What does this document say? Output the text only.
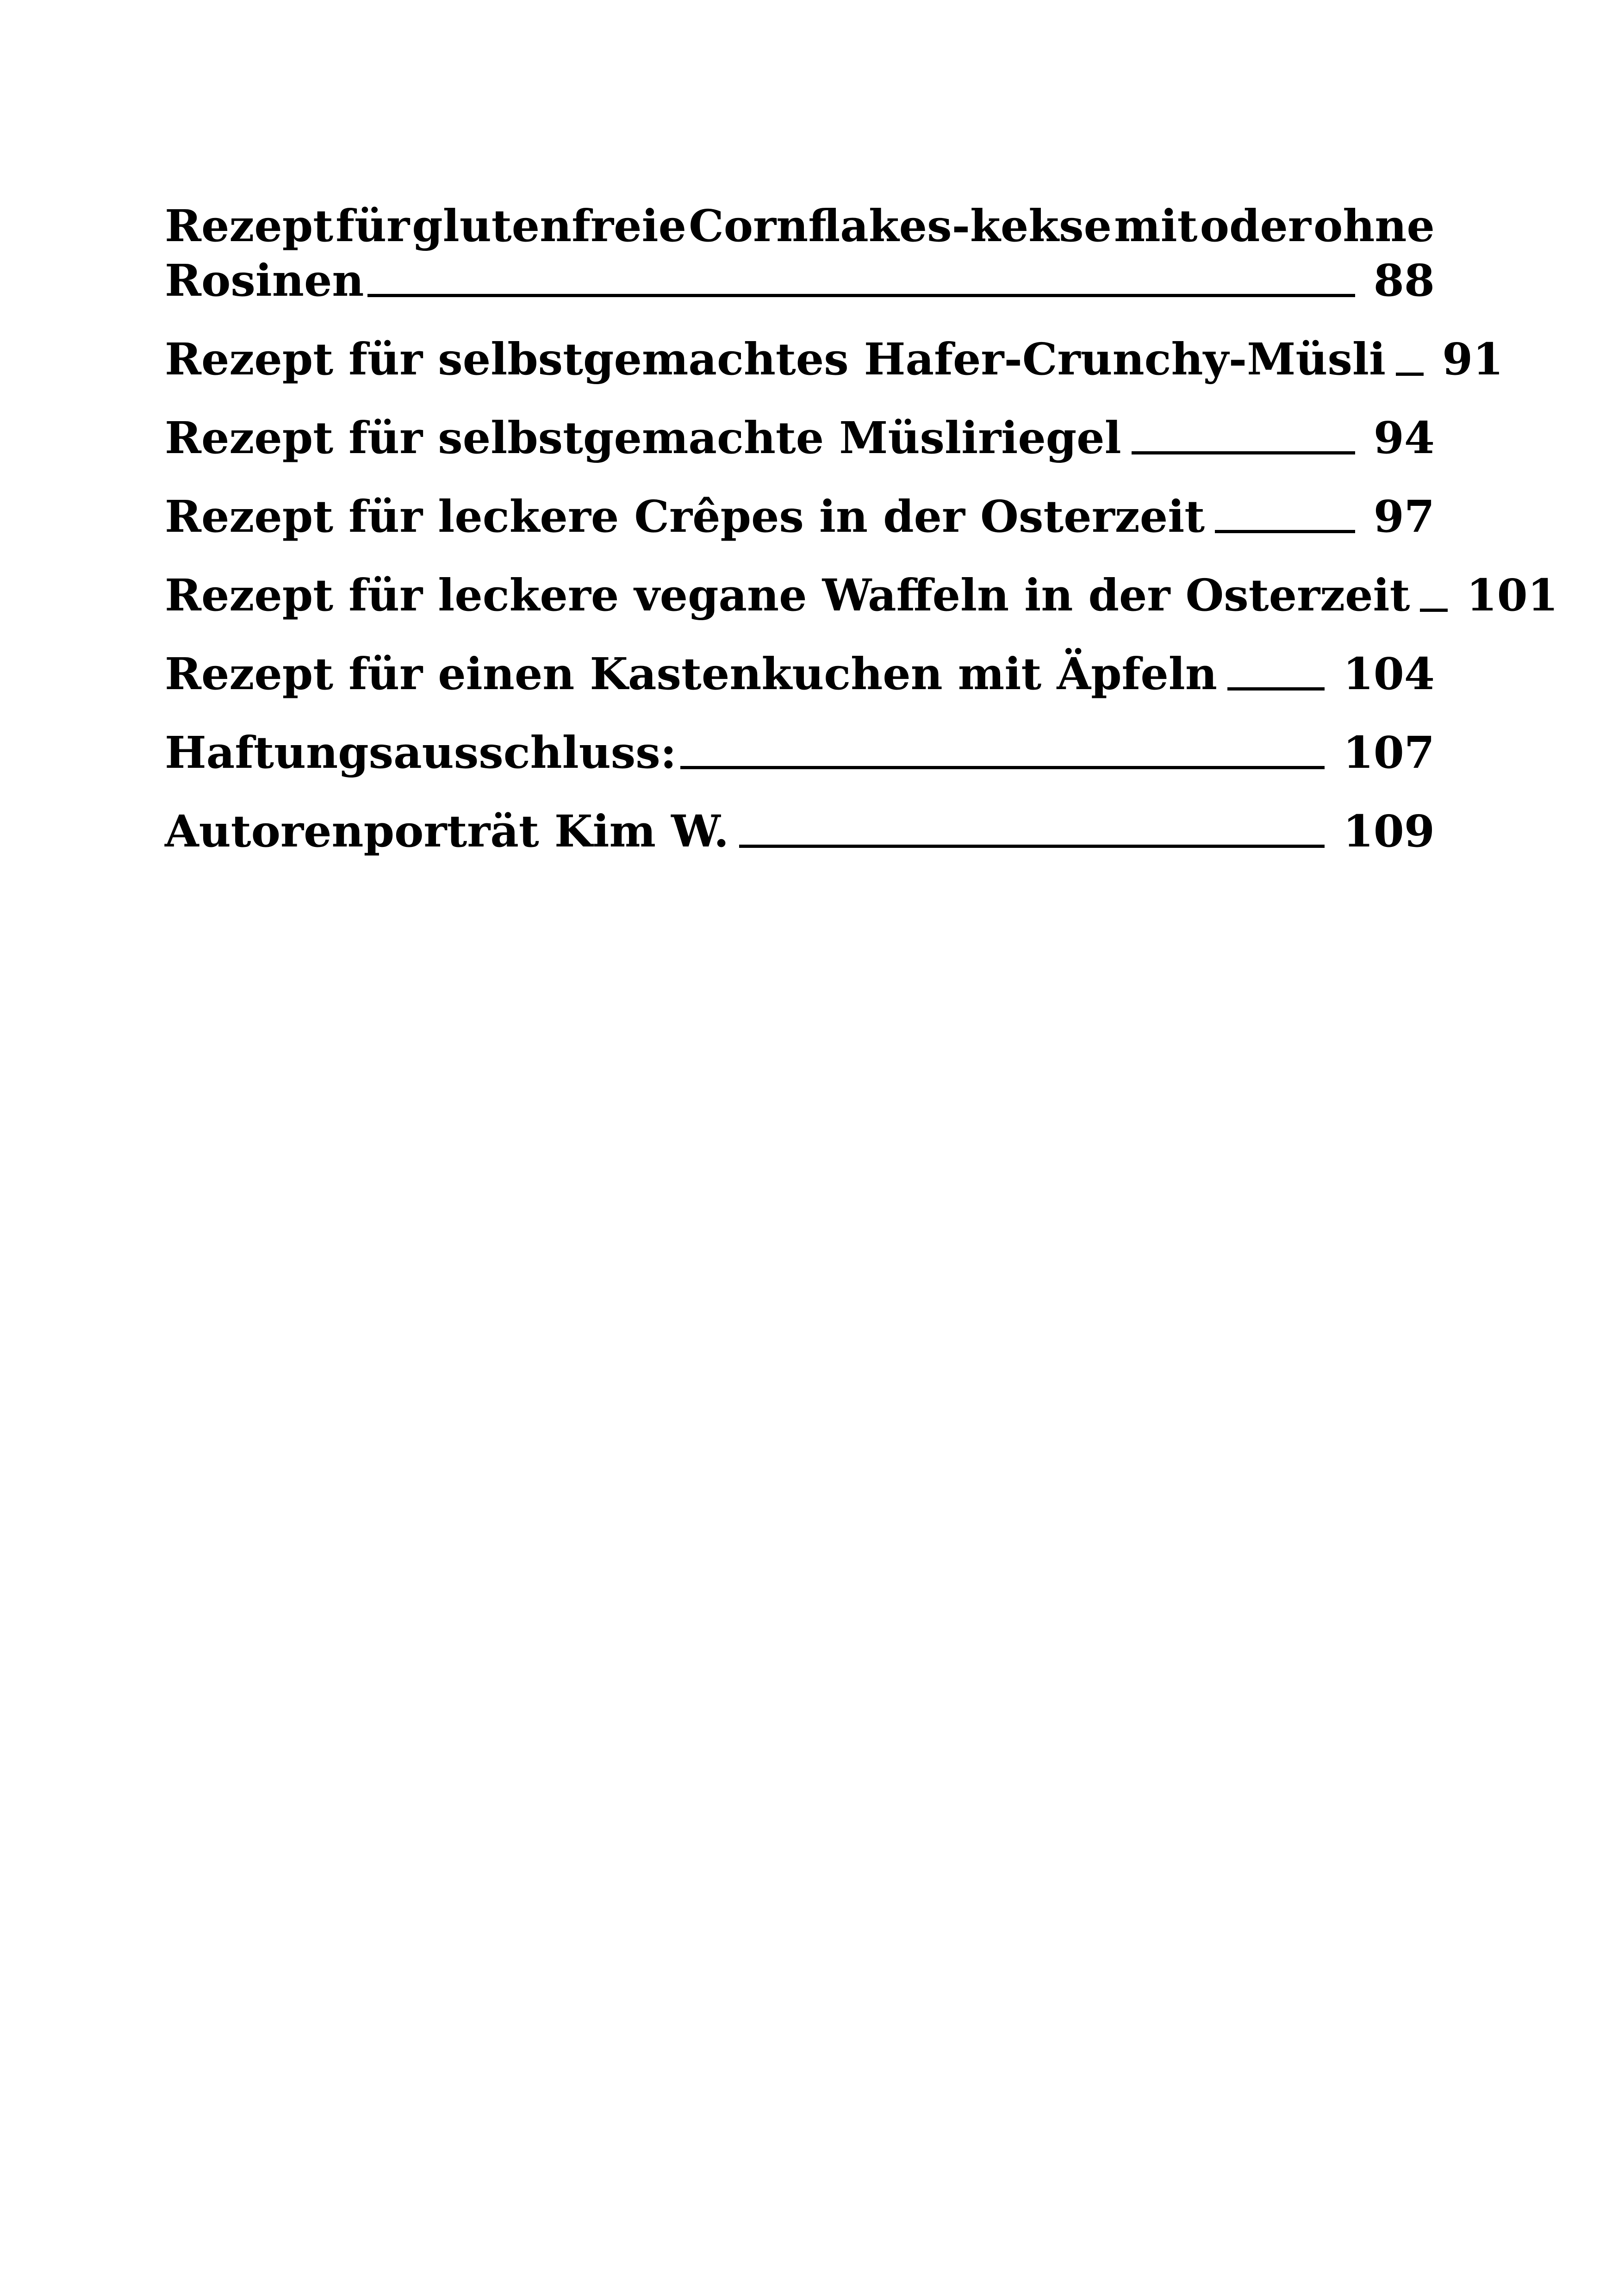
Rezept für glutenfreie Cornflakes-kekse mit oder ohne
Rosinen	88
Rezept für selbstgemachtes Hafer-Crunchy-Müsli 91
Rezept für selbstgemachte Müsliriegel	94
Rezept für leckere Crêpes in der Osterzeit	97
Rezept für leckere vegane Waffeln in der Osterzeit 101
Rezept für einen Kastenkuchen mit Äpfeln	104
Haftungsausschluss:	107
Autorenporträt Kim W.	109
